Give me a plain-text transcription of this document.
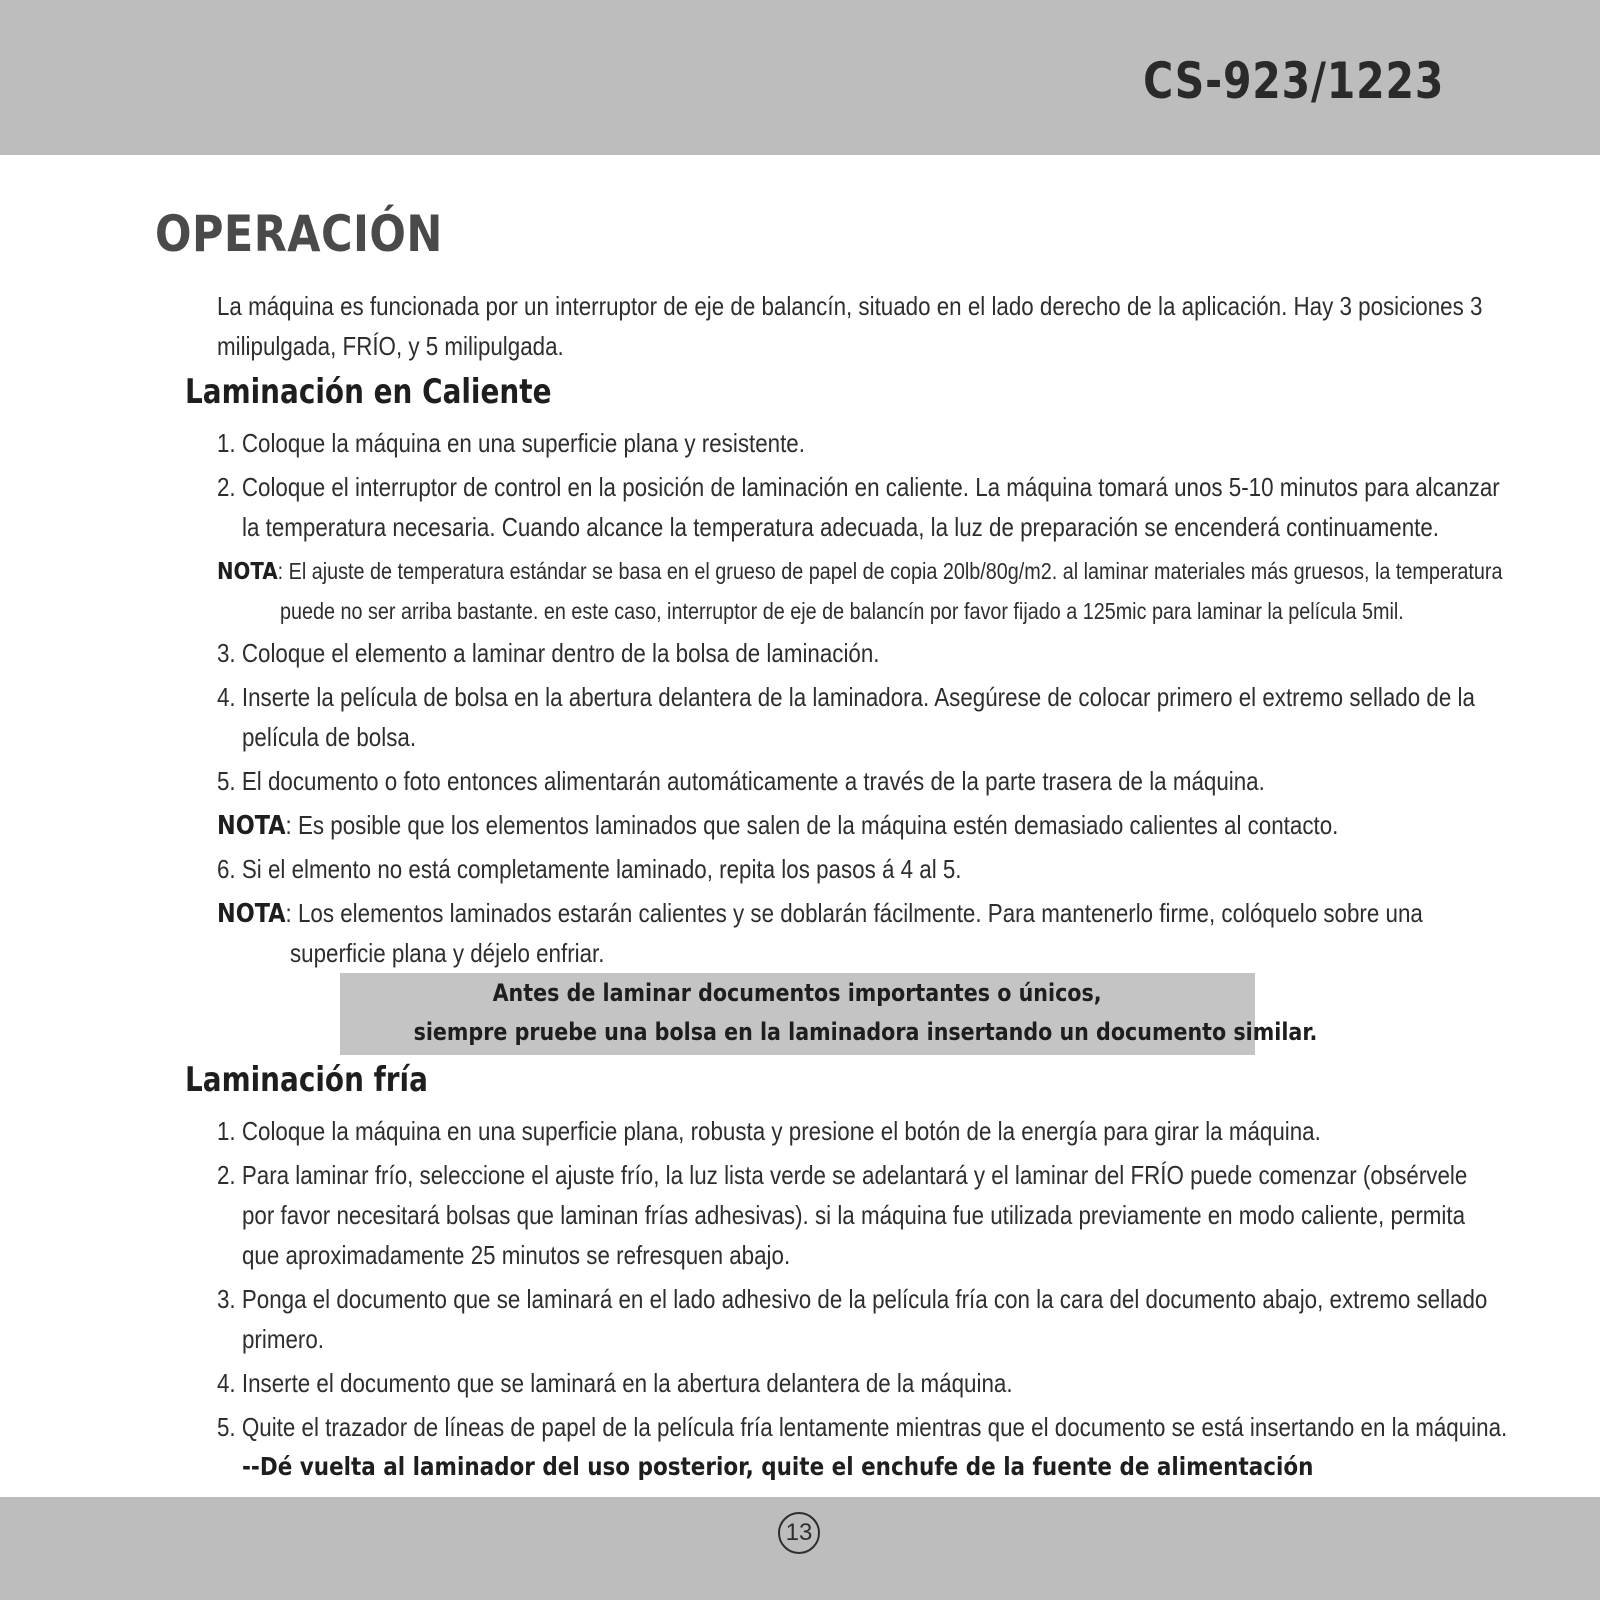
CS-923/1223
OPERACIÓN
La máquina es funcionada por un interruptor de eje de balancín, situado en el lado derecho de la aplicación. Hay 3 posiciones 3
milipulgada, FRÍO, y 5 milipulgada.
Laminación en Caliente
1. Coloque la máquina en una superficie plana y resistente.
2. Coloque el interruptor de control en la posición de laminación en caliente. La máquina tomará unos 5-10 minutos para alcanzar
la temperatura necesaria. Cuando alcance la temperatura adecuada, la luz de preparación se encenderá continuamente.
NOTA: El ajuste de temperatura estándar se basa en el grueso de papel de copia 20lb/80g/m2. al laminar materiales más gruesos, la temperatura
puede no ser arriba bastante. en este caso, interruptor de eje de balancín por favor fijado a 125mic para laminar la película 5mil.
3. Coloque el elemento a laminar dentro de la bolsa de laminación.
4. Inserte la película de bolsa en la abertura delantera de la laminadora. Asegúrese de colocar primero el extremo sellado de la
película de bolsa.
5. El documento o foto entonces alimentarán automáticamente a través de la parte trasera de la máquina.
NOTA: Es posible que los elementos laminados que salen de la máquina estén demasiado calientes al contacto.
6. Si el elmento no está completamente laminado, repita los pasos á 4 al 5.
NOTA: Los elementos laminados estarán calientes y se doblarán fácilmente. Para mantenerlo firme, colóquelo sobre una
superficie plana y déjelo enfriar.
Antes de laminar documentos importantes o únicos,
siempre pruebe una bolsa en la laminadora insertando un documento similar.
Laminación fría
1. Coloque la máquina en una superficie plana, robusta y presione el botón de la energía para girar la máquina.
2. Para laminar frío, seleccione el ajuste frío, la luz lista verde se adelantará y el laminar del FRÍO puede comenzar (obsérvele
por favor necesitará bolsas que laminan frías adhesivas). si la máquina fue utilizada previamente en modo caliente, permita
que aproximadamente 25 minutos se refresquen abajo.
3. Ponga el documento que se laminará en el lado adhesivo de la película fría con la cara del documento abajo, extremo sellado
primero.
4. Inserte el documento que se laminará en la abertura delantera de la máquina.
5. Quite el trazador de líneas de papel de la película fría lentamente mientras que el documento se está insertando en la máquina.
--Dé vuelta al laminador del uso posterior, quite el enchufe de la fuente de alimentación
13
